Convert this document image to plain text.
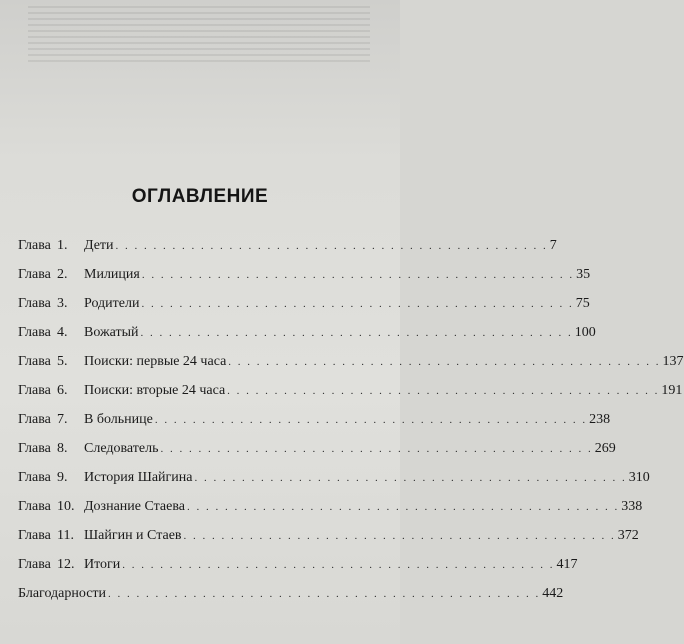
ОГЛАВЛЕНИЕ
Глава 1. Дети . . . . . . . . . . . . . . . . . . . . . . . . . . . . . . . . . . . . . . . . . . . . . . 7
Глава 2. Милиция . . . . . . . . . . . . . . . . . . . . . . . . . . . . . . . . . . . . . . . . . . . . . . 35
Глава 3. Родители . . . . . . . . . . . . . . . . . . . . . . . . . . . . . . . . . . . . . . . . . . . . . . 75
Глава 4. Вожатый . . . . . . . . . . . . . . . . . . . . . . . . . . . . . . . . . . . . . . . . . . . . . . 100
Глава 5. Поиски: первые 24 часа . . . . . . . . . . . . . . . . . . . . . . . . . . . . . . . . . . . . . . . . . . . . . . 137
Глава 6. Поиски: вторые 24 часа . . . . . . . . . . . . . . . . . . . . . . . . . . . . . . . . . . . . . . . . . . . . . . 191
Глава 7. В больнице . . . . . . . . . . . . . . . . . . . . . . . . . . . . . . . . . . . . . . . . . . . . . . 238
Глава 8. Следователь . . . . . . . . . . . . . . . . . . . . . . . . . . . . . . . . . . . . . . . . . . . . . . 269
Глава 9. История Шайгина . . . . . . . . . . . . . . . . . . . . . . . . . . . . . . . . . . . . . . . . . . . . . . 310
Глава 10. Дознание Стаева . . . . . . . . . . . . . . . . . . . . . . . . . . . . . . . . . . . . . . . . . . . . . . 338
Глава 11. Шайгин и Стаев . . . . . . . . . . . . . . . . . . . . . . . . . . . . . . . . . . . . . . . . . . . . . . 372
Глава 12. Итоги . . . . . . . . . . . . . . . . . . . . . . . . . . . . . . . . . . . . . . . . . . . . . . 417
Благодарности . . . . . . . . . . . . . . . . . . . . . . . . . . . . . . . . . . . . . . . . . . . . . . 442
